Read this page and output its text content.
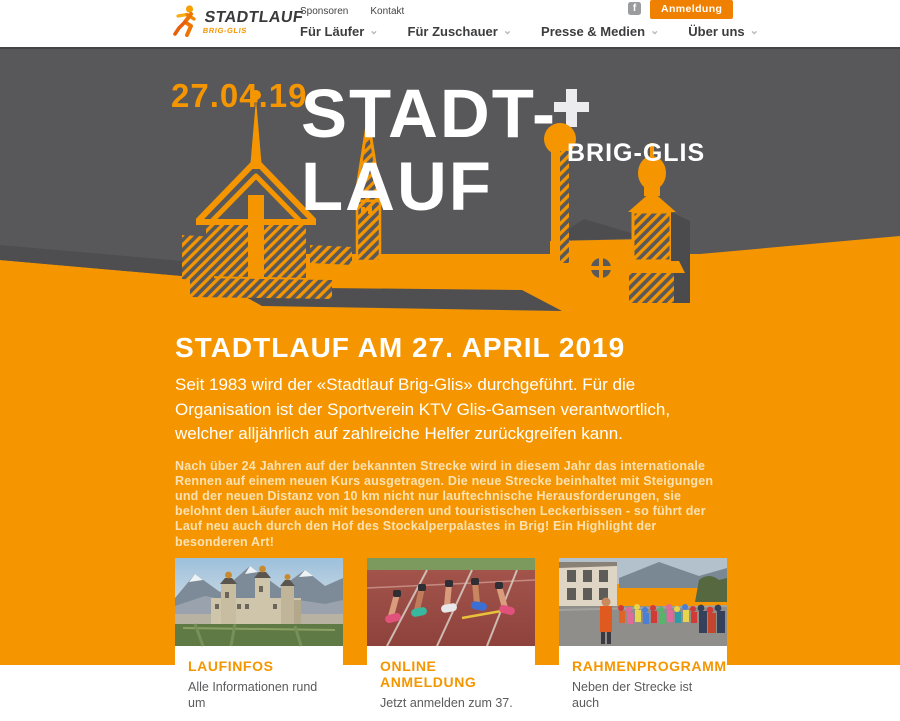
STADTLAUF
BRIG-GLIS
Sponsoren Kontakt
Für Läufer ⌄ Für Zuschauer ⌄ Presse & Medien ⌄ Über uns ⌄
f	Anmeldung
27.04.19
STADT-
LAUF	BRIG-GLIS
STADTLAUF AM 27. APRIL 2019

Seit 1983 wird der «Stadtlauf Brig-Glis» durchgeführt. Für die Organisation ist der Sportverein KTV Glis-Gamsen verantwortlich, welcher alljährlich auf zahlreiche Helfer zurückgreifen kann.

Nach über 24 Jahren auf der bekannten Strecke wird in diesem Jahr das internationale Rennen auf einem neuen Kurs ausgetragen. Die neue Strecke beinhaltet mit Steigungen und der neuen Distanz von 10 km nicht nur lauftechnische Herausforderungen, sie belohnt den Läufer auch mit besonderen und touristischen Leckerbissen - so führt der Lauf neu auch durch den Hof des Stockalperpalastes in Brig! Ein Highlight der besonderen Art!

LAUFINFOS

Alle Informationen rund um

ONLINE ANMELDUNG

Jetzt anmelden zum 37.

RAHMENPROGRAMM

Neben der Strecke ist auch
